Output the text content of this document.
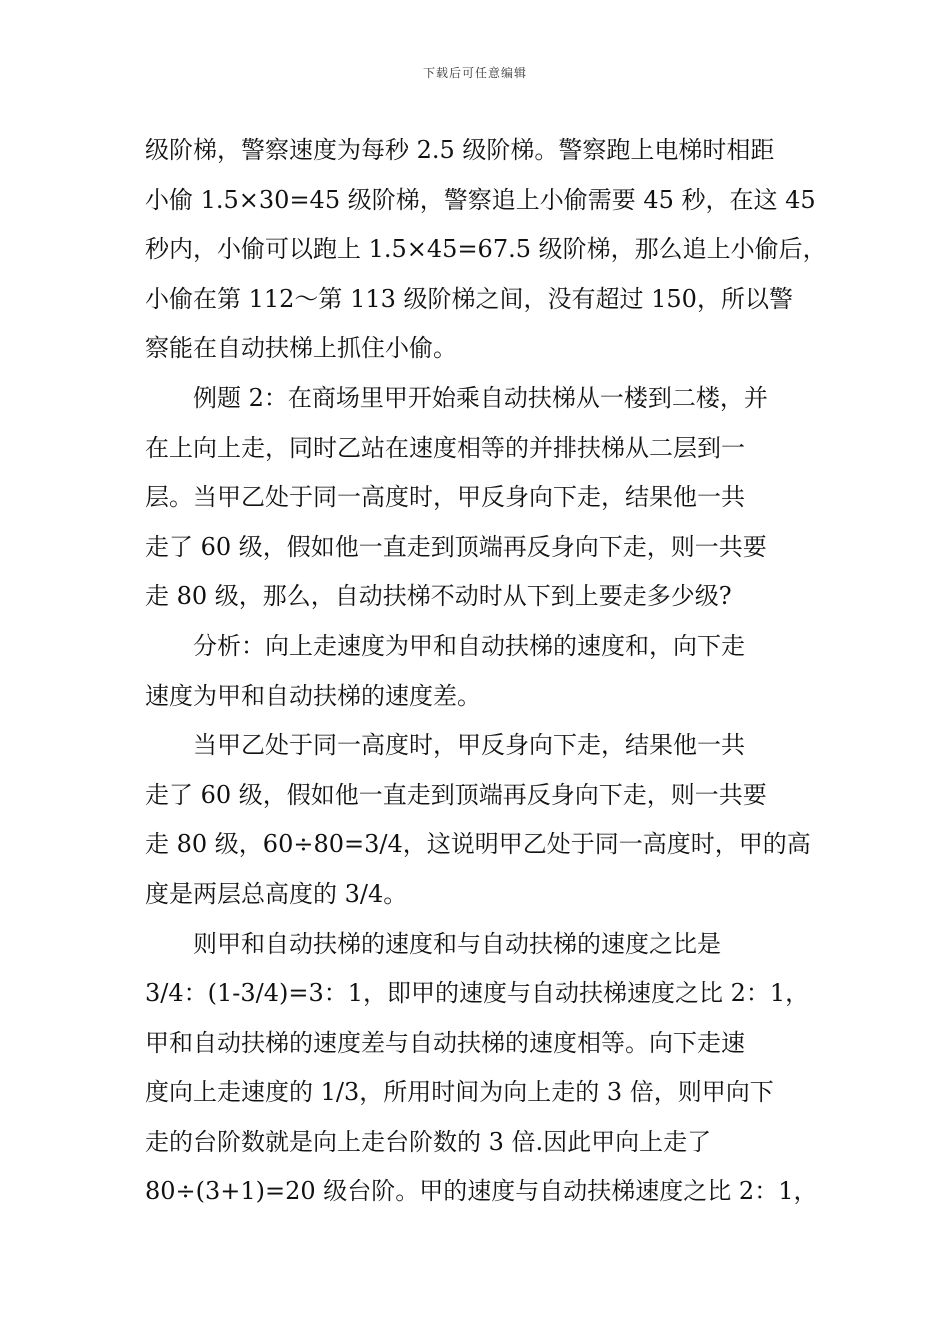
下载后可任意编辑

级阶梯，警察速度为每秒 2.5 级阶梯。警察跑上电梯时相距
小偷 1.5×30=45 级阶梯，警察追上小偷需要 45 秒，在这 45
秒内，小偷可以跑上 1.5×45=67.5 级阶梯，那么追上小偷后，
小偷在第 112～第 113 级阶梯之间，没有超过 150，所以警
察能在自动扶梯上抓住小偷。

例题 2：在商场里甲开始乘自动扶梯从一楼到二楼，并
在上向上走，同时乙站在速度相等的并排扶梯从二层到一
层。当甲乙处于同一高度时，甲反身向下走，结果他一共
走了 60 级，假如他一直走到顶端再反身向下走，则一共要
走 80 级，那么，自动扶梯不动时从下到上要走多少级?

分析：向上走速度为甲和自动扶梯的速度和，向下走
速度为甲和自动扶梯的速度差。

当甲乙处于同一高度时，甲反身向下走，结果他一共
走了 60 级，假如他一直走到顶端再反身向下走，则一共要
走 80 级，60÷80=3/4，这说明甲乙处于同一高度时，甲的高
度是两层总高度的 3/4。

则甲和自动扶梯的速度和与自动扶梯的速度之比是
3/4：(1-3/4)=3：1，即甲的速度与自动扶梯速度之比 2：1，
甲和自动扶梯的速度差与自动扶梯的速度相等。向下走速
度向上走速度的 1/3，所用时间为向上走的 3 倍，则甲向下
走的台阶数就是向上走台阶数的 3 倍.因此甲向上走了
80÷(3+1)=20 级台阶。甲的速度与自动扶梯速度之比 2：1，
